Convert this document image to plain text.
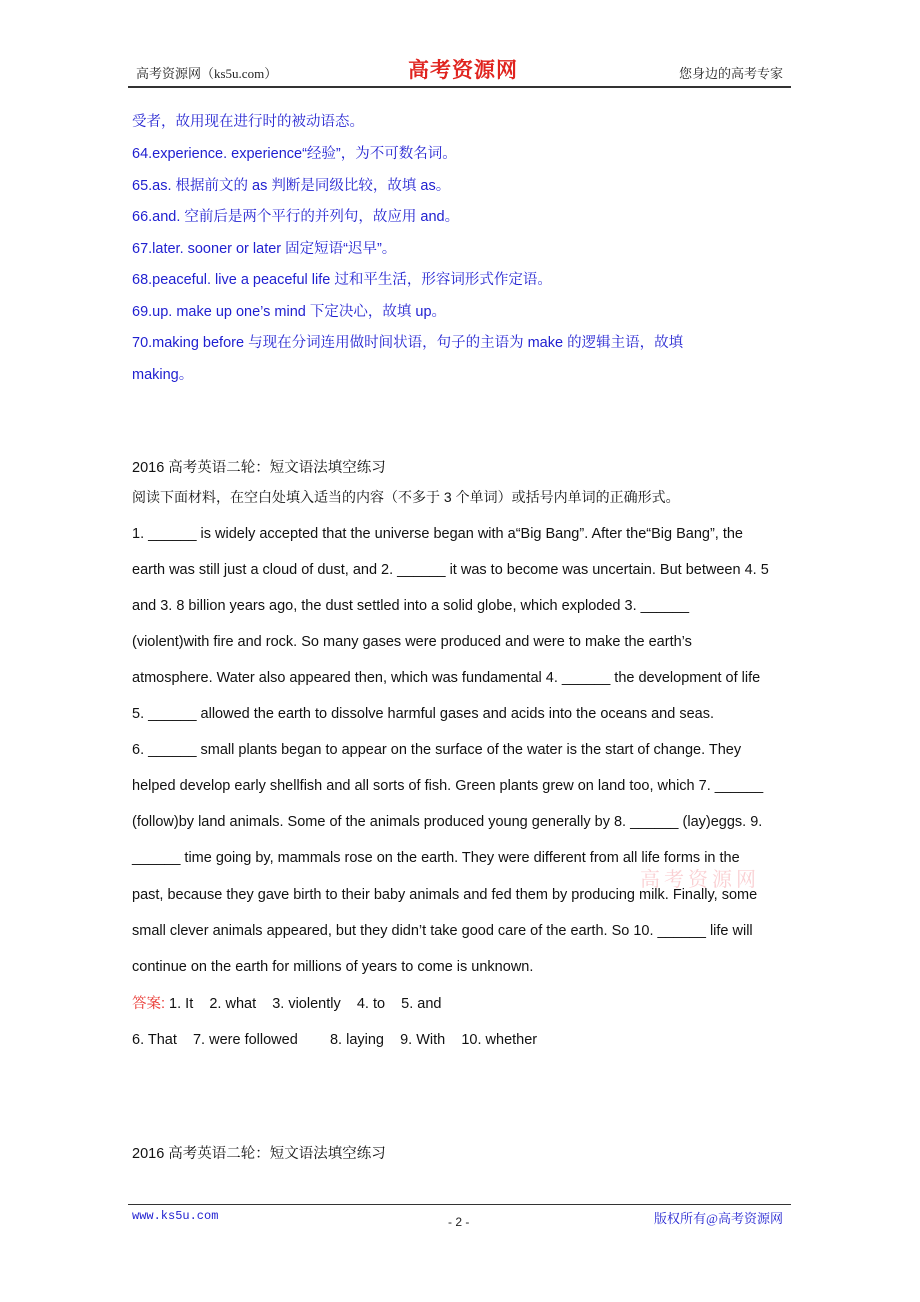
高考资源网（ks5u.com）	高考资源网	您身边的高考专家
受者，故用现在进行时的被动语态。
64.experience. experience“经验”，为不可数名词。
65.as. 根据前文的 as 判断是同级比较，故填 as。
66.and. 空前后是两个平行的并列句，故应用 and。
67.later. sooner or later 固定短语“迟早”。
68.peaceful. live a peaceful life 过和平生活，形容词形式作定语。
69.up. make up one’s mind 下定决心，故填 up。
70.making before 与现在分词连用做时间状语，句子的主语为 make 的逻辑主语，故填
making。
2016 高考英语二轮：短文语法填空练习
阅读下面材料，在空白处填入适当的内容（不多于 3 个单词）或括号内单词的正确形式。
1. ______ is widely accepted that the universe began with a“Big Bang”. After the“Big Bang”, the
earth was still just a cloud of dust, and 2. ______ it was to become was uncertain. But between 4. 5
and 3. 8 billion years ago, the dust settled into a solid globe, which exploded 3. ______
(violent)with fire and rock. So many gases were produced and were to make the earth’s
atmosphere. Water also appeared then, which was fundamental 4. ______ the development of life
5. ______ allowed the earth to dissolve harmful gases and acids into the oceans and seas.
6. ______ small plants began to appear on the surface of the water is the start of change. They
helped develop early shellfish and all sorts of fish. Green plants grew on land too, which 7. ______
(follow)by land animals. Some of the animals produced young generally by 8. ______ (lay)eggs. 9.
______ time going by, mammals rose on the earth. They were different from all life forms in the
past, because they gave birth to their baby animals and fed them by producing milk. Finally, some
small clever animals appeared, but they didn’t take good care of the earth. So 10. ______ life will
continue on the earth for millions of years to come is unknown.
高考资源网
答案: 1. It    2. what    3. violently    4. to    5. and
6. That    7. were followed        8. laying    9. With    10. whether
2016 高考英语二轮：短文语法填空练习
www.ks5u.com	- 2 -	版权所有@高考资源网
